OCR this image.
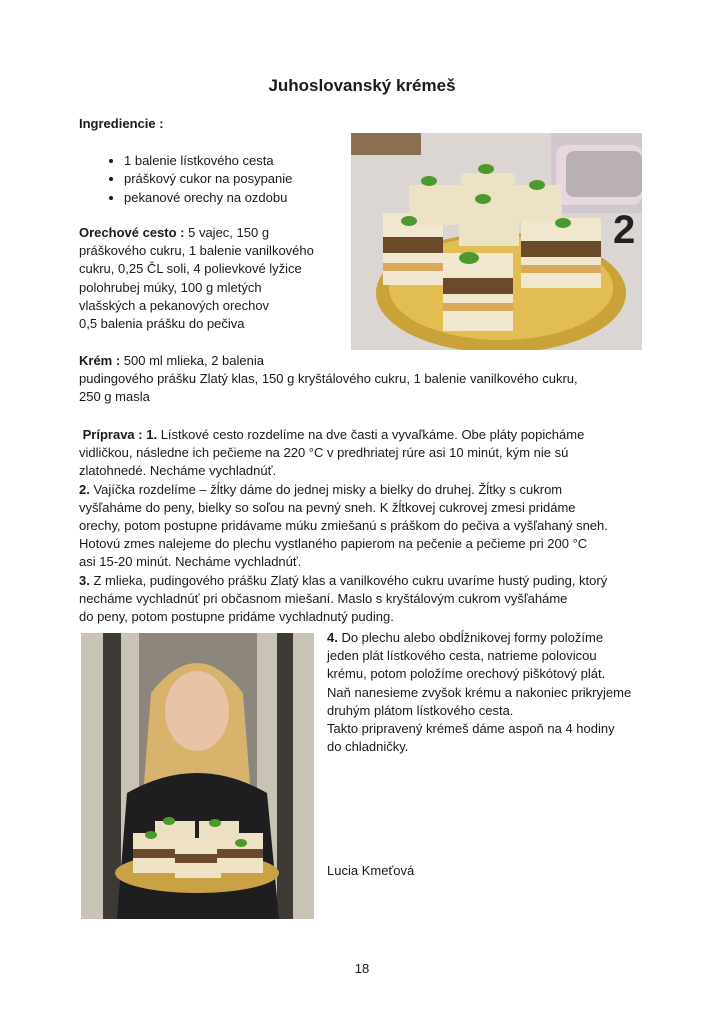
Juhoslovanský krémeš
Ingrediencie :
• 1 balenie lístkového cesta
• práškový cukor na posypanie
• pekanové orechy na ozdobu
Orechové cesto : 5 vajec, 150 g
práškového cukru, 1 balenie vanilkového
cukru, 0,25 ČL soli, 4 polievkové lyžice
polohrubej múky, 100 g mletých
vlašských a pekanových orechov
0,5 balenia prášku do pečiva
2
Krém : 500 ml mlieka, 2 balenia
pudingového prášku Zlatý klas, 150 g kryštálového cukru, 1 balenie vanilkového cukru,
250 g masla

Príprava : 1. Lístkové cesto rozdelíme na dve časti a vyvaľkáme. Obe pláty popicháme
vidličkou, následne ich pečieme na 220 °C v predhriatej rúre asi 10 minút, kým nie sú
zlatohnedé. Necháme vychladnúť.

2. Vajíčka rozdelíme – žĺtky dáme do jednej misky a bielky do druhej. Žĺtky s cukrom
vyšľaháme do peny, bielky so soľou na pevný sneh. K žĺtkovej cukrovej zmesi pridáme
orechy, potom postupne pridávame múku zmiešanú s práškom do pečiva a vyšľahaný sneh.
Hotovú zmes nalejeme do plechu vystlaného papierom na pečenie a pečieme pri 200 °C
asi 15-20 minút. Necháme vychladnúť.

3. Z mlieka, pudingového prášku Zlatý klas a vanilkového cukru uvaríme hustý puding, ktorý
necháme vychladnúť pri občasnom miešaní. Maslo s kryštálovým cukrom vyšľaháme
do peny, potom postupne pridáme vychladnutý puding.

4. Do plechu alebo obdĺžnikovej formy položíme
jeden plát lístkového cesta, natrieme polovicou
krému, potom položíme orechový piškótový plát.
Naň nanesieme zvyšok krému a nakoniec prikryjeme
druhým plátom lístkového cesta.
Takto pripravený krémeš dáme aspoň na 4 hodiny
do chladničky.

Lucia Kmeťová
18
